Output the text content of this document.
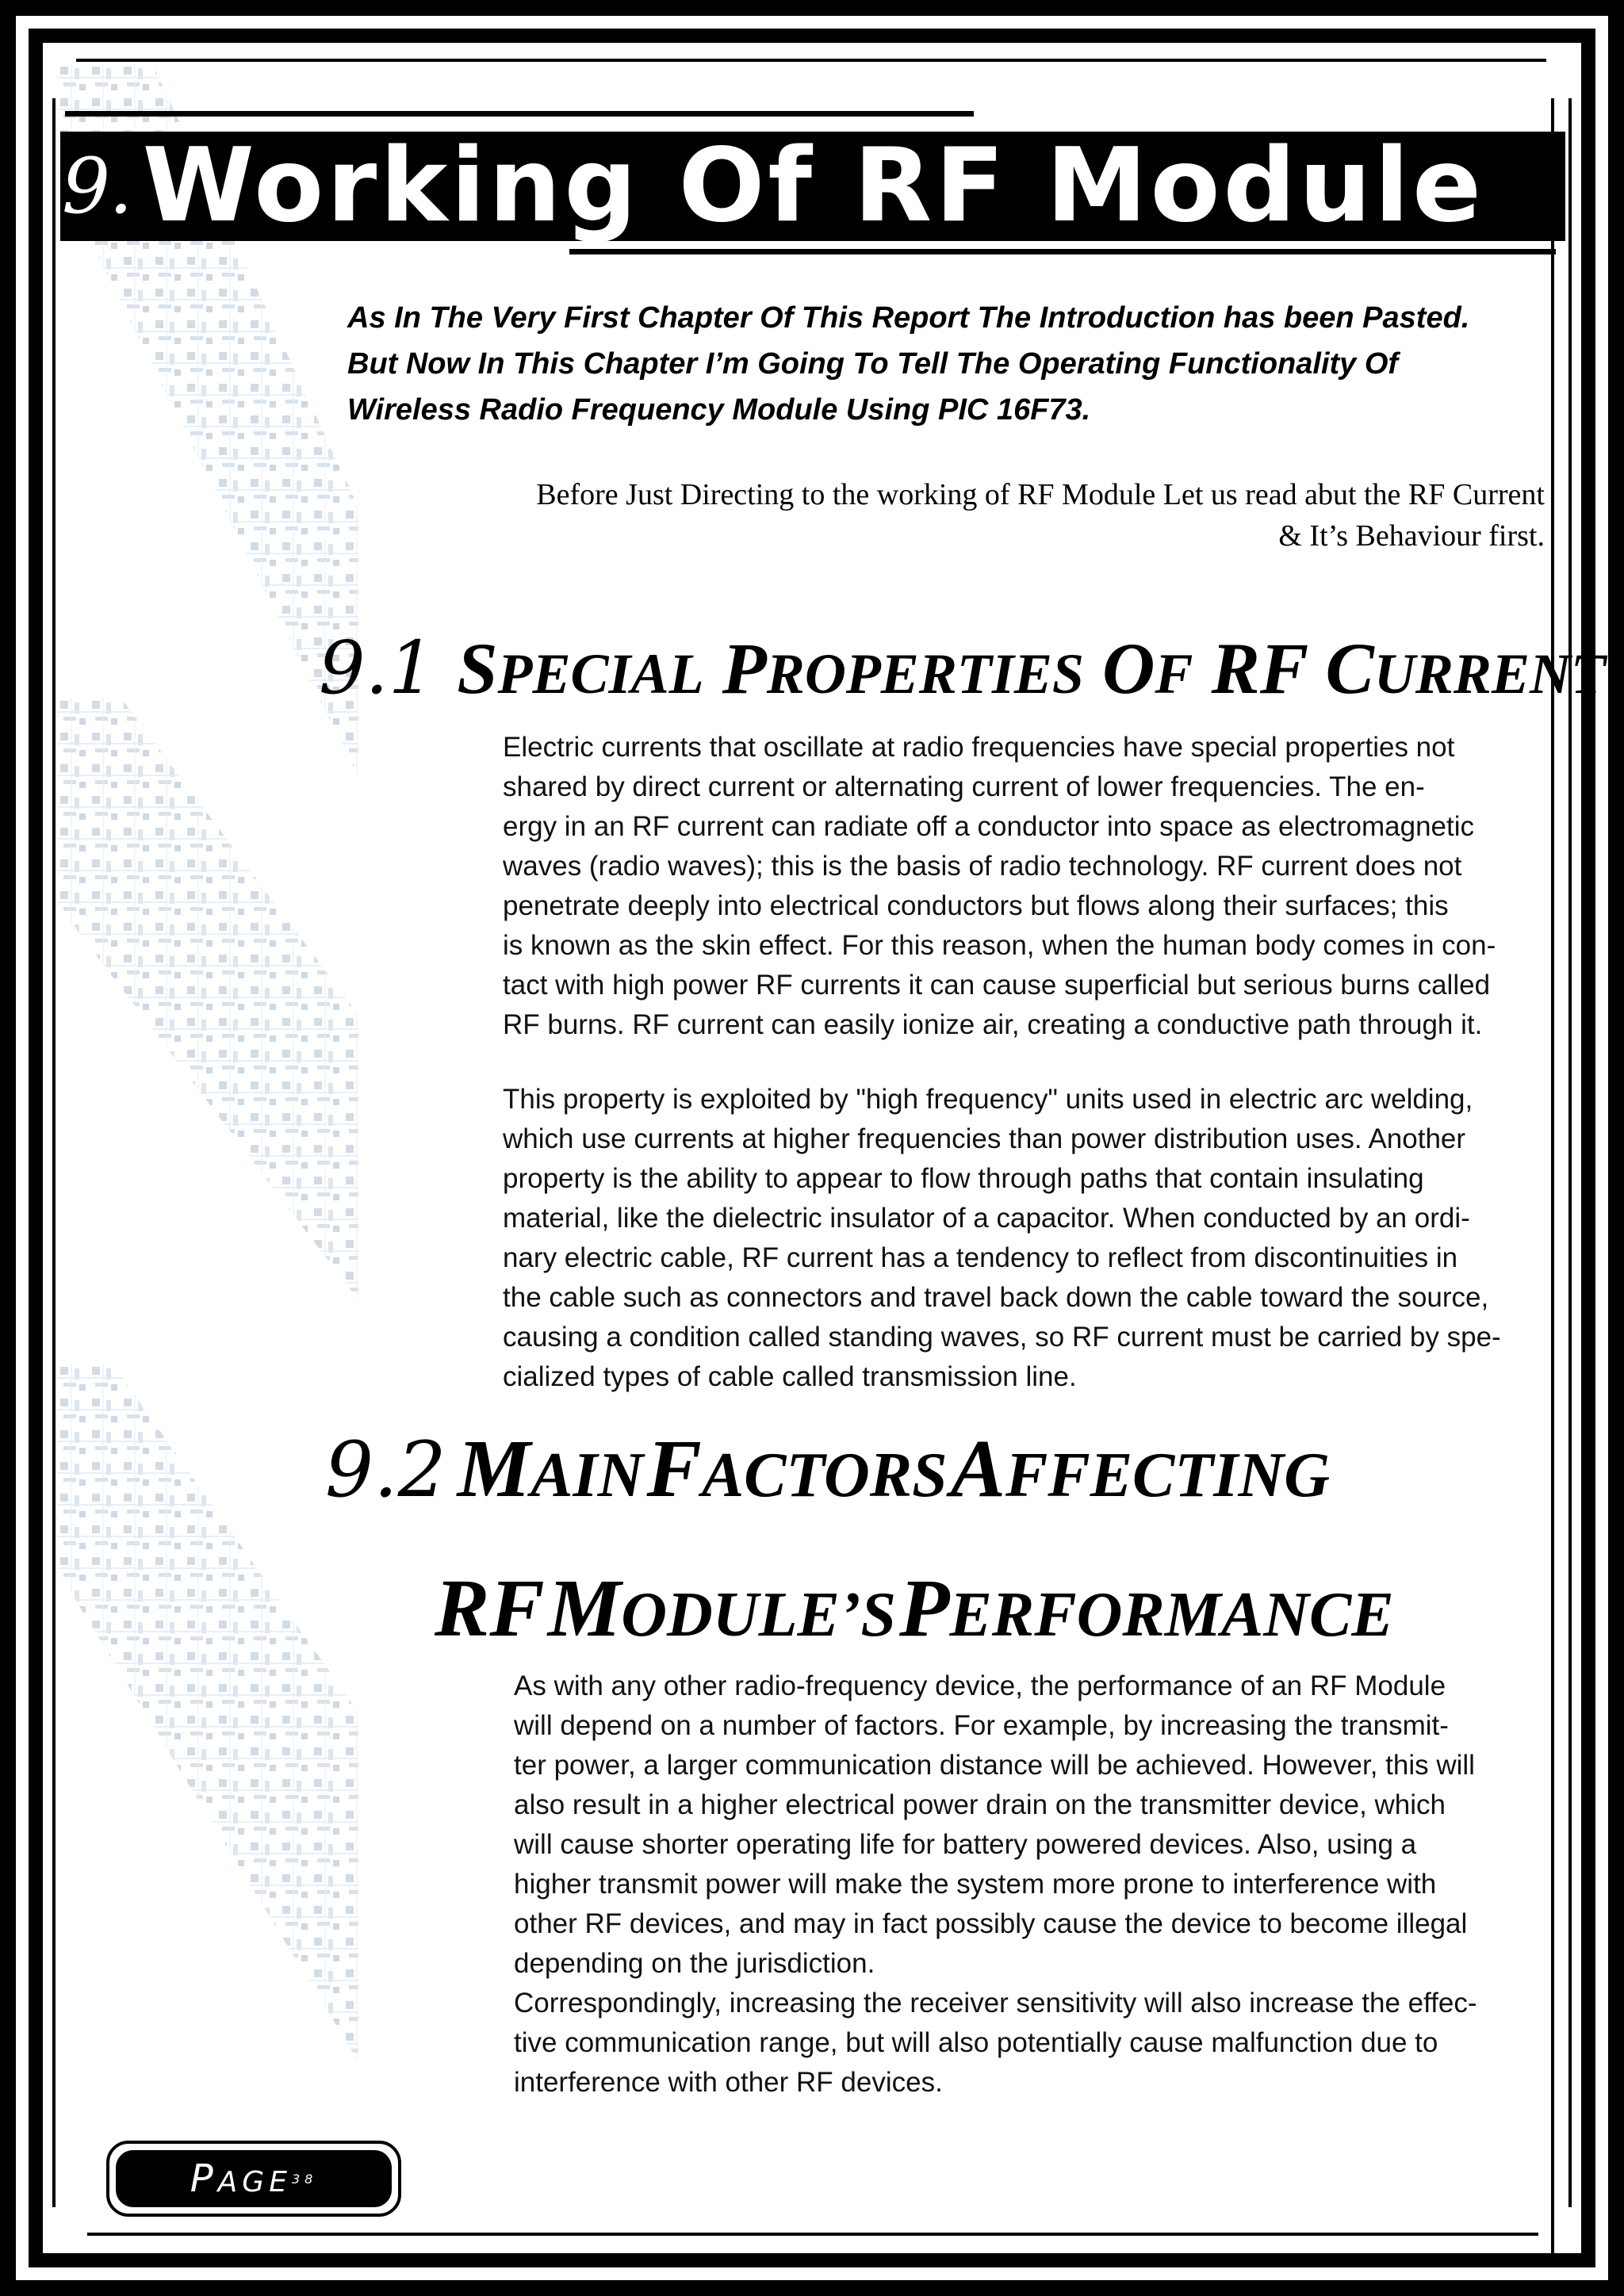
9. Working Of RF Module
As In The Very First Chapter Of This Report The Introduction has been Pasted.
But Now In This Chapter I’m Going To Tell The Operating Functionality Of
Wireless Radio Frequency Module Using PIC 16F73.
Before Just Directing to the working of RF Module Let us read abut the RF Current
& It’s Behaviour first.
9.1 SPECIAL PROPERTIES OF RF CURRENT
Electric currents that oscillate at radio frequencies have special properties not
shared by direct current or alternating current of lower frequencies. The en-
ergy in an RF current can radiate off a conductor into space as electromagnetic
waves (radio waves); this is the basis of radio technology. RF current does not
penetrate deeply into electrical conductors but flows along their surfaces; this
is known as the skin effect. For this reason, when the human body comes in con-
tact with high power RF currents it can cause superficial but serious burns called
RF burns. RF current can easily ionize air, creating a conductive path through it.
This property is exploited by "high frequency" units used in electric arc welding,
which use currents at higher frequencies than power distribution uses. Another
property is the ability to appear to flow through paths that contain insulating
material, like the dielectric insulator of a capacitor. When conducted by an ordi-
nary electric cable, RF current has a tendency to reflect from discontinuities in
the cable such as connectors and travel back down the cable toward the source,
causing a condition called standing waves, so RF current must be carried by spe-
cialized types of cable called transmission line.
9.2 MAIN FACTORS AFFECTING
RF MODULE’S PERFORMANCE
As with any other radio-frequency device, the performance of an RF Module
will depend on a number of factors. For example, by increasing the transmit-
ter power, a larger communication distance will be achieved. However, this will
also result in a higher electrical power drain on the transmitter device, which
will cause shorter operating life for battery powered devices. Also, using a
higher transmit power will make the system more prone to interference with
other RF devices, and may in fact possibly cause the device to become illegal
depending on the jurisdiction.
Correspondingly, increasing the receiver sensitivity will also increase the effec-
tive communication range, but will also potentially cause malfunction due to
interference with other RF devices.
PAGE 38
